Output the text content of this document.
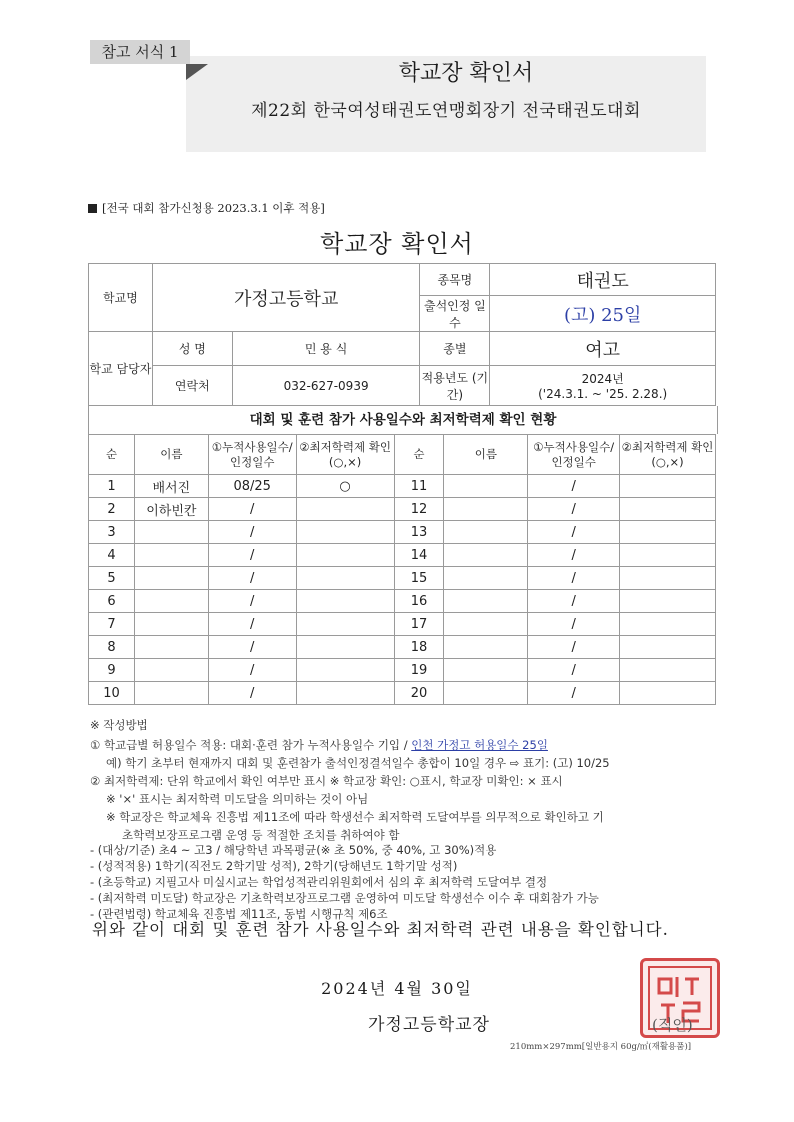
참고 서식 1
학교장 확인서
제22회 한국여성태권도연맹회장기 전국태권도대회
[전국 대회 참가신청용 2023.3.1 이후 적용]
학교장 확인서
학교명	가정고등학교		종목명	태권도
			출석인정 일수	(고) 25일
학교 담당자	성 명	민 용 식	종별	여고
	연락처	032-627-0939	적용년도 (기간)	2024년
('24.3.1. ~ '25. 2.28.)
대회 및 훈련 참가 사용일수와 최저학력제 확인 현황
순	이름	①누적사용일수/인정일수	②최저학력제 확인(○,×)	순	이름	①누적사용일수/인정일수	②최저학력제 확인(○,×)
1	배서진	08/25	○	11		/	
2	이하빈칸	/		12		/	
3		/		13		/	
4		/		14		/	
5		/		15		/	
6		/		16		/	
7		/		17		/	
8		/		18		/	
9		/		19		/	
10		/		20		/	
※ 작성방법
① 학교급별 허용일수 적용: 대회·훈련 참가 누적사용일수 기입 / 인천 가정고 허용일수 25일
예) 학기 초부터 현재까지 대회 및 훈련참가 출석인정결석일수 총합이 10일 경우 ⇨ 표기: (고) 10/25
② 최저학력제: 단위 학교에서 확인 여부만 표시 ※ 학교장 확인: ○표시, 학교장 미확인: × 표시
※ '×' 표시는 최저학력 미도달을 의미하는 것이 아님
※ 학교장은 학교체육 진흥법 제11조에 따라 학생선수 최저학력 도달여부를 의무적으로 확인하고 기
초학력보장프로그램 운영 등 적절한 조치를 취하여야 함
- (대상/기준) 초4 ~ 고3 / 해당학년 과목평균(※ 초 50%, 중 40%, 고 30%)적용
- (성적적용) 1학기(직전도 2학기말 성적), 2학기(당해년도 1학기말 성적)
- (초등학교) 지필고사 미실시교는 학업성적관리위원회에서 심의 후 최저학력 도달여부 결정
- (최저학력 미도달) 학교장은 기초학력보장프로그램 운영하여 미도달 학생선수 이수 후 대회참가 가능
위와 같이 대회 및 훈련 참가 사용일수와 최저학력 관련 내용을 확인합니다.
2024년 4월 30일
가정고등학교장	(직인)
210mm×297mm[일반용지 60g/㎡(재활용품)]
- (관련법령) 학교체육 진흥법 제11조, 동법 시행규칙 제6조
